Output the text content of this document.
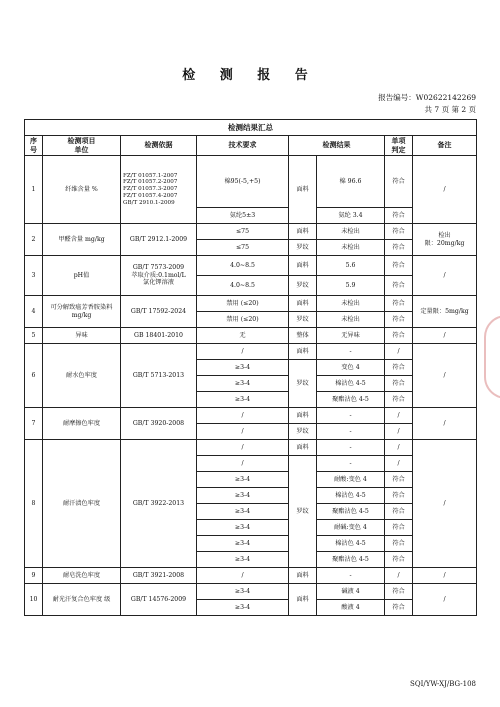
检 测 报 告
报告编号：W02622142269
共 7 页 第 2 页
检测结果汇总							
序号	检测项目
单位	检测依据	技术要求	检测结果		单项
判定	备注
1	纤维含量 %	FZ/T 01057.1-2007
FZ/T 01057.2-2007
FZ/T 01057.3-2007
FZ/T 01057.4-2007
GB/T 2910.1-2009	棉95(-5,+5)	面料	棉 96.6	符合	/
			氨纶5±3		氨纶 3.4	符合	
2	甲醛含量 mg/kg	GB/T 2912.1-2009	≤75	面料	未检出	符合	检出
限：20mg/kg
			≤75	罗纹	未检出	符合	
3	pH值	GB/T 7573-2009
萃取介质:0.1mol/L
氯化钾溶液	4.0~8.5	面料	5.6	符合	/
			4.0~8.5	罗纹	5.9	符合	
4	可分解致癌芳香胺染料
mg/kg	GB/T 17592-2024	禁用 (≤20)	面料	未检出	符合	定量限：5mg/kg
			禁用 (≤20)	罗纹	未检出	符合	
5	异味	GB 18401-2010	无	整体	无异味	符合	/
6	耐水色牢度	GB/T 5713-2013	/	面料	-	/	/
			≥3-4	罗纹	变色 4	符合	
			≥3-4		棉沾色 4-5	符合	
			≥3-4		聚酯沾色 4-5	符合	
7	耐摩擦色牢度	GB/T 3920-2008	/	面料	-	/	/
			/	罗纹	-	/	
8	耐汗渍色牢度	GB/T 3922-2013	/	面料	-	/	/
			/	罗纹	-	/	
			≥3-4		耐酸:变色 4	符合	
			≥3-4		棉沾色 4-5	符合	
			≥3-4		聚酯沾色 4-5	符合	
			≥3-4		耐碱:变色 4	符合	
			≥3-4		棉沾色 4-5	符合	
			≥3-4		聚酯沾色 4-5	符合	
9	耐皂洗色牢度	GB/T 3921-2008	/	面料	-	/	/
10	耐光汗复合色牢度 级	GB/T 14576-2009	≥3-4	面料	碱液 4	符合	/
			≥3-4		酸液 4	符合	
SQI/YW-XJ/BG-108
